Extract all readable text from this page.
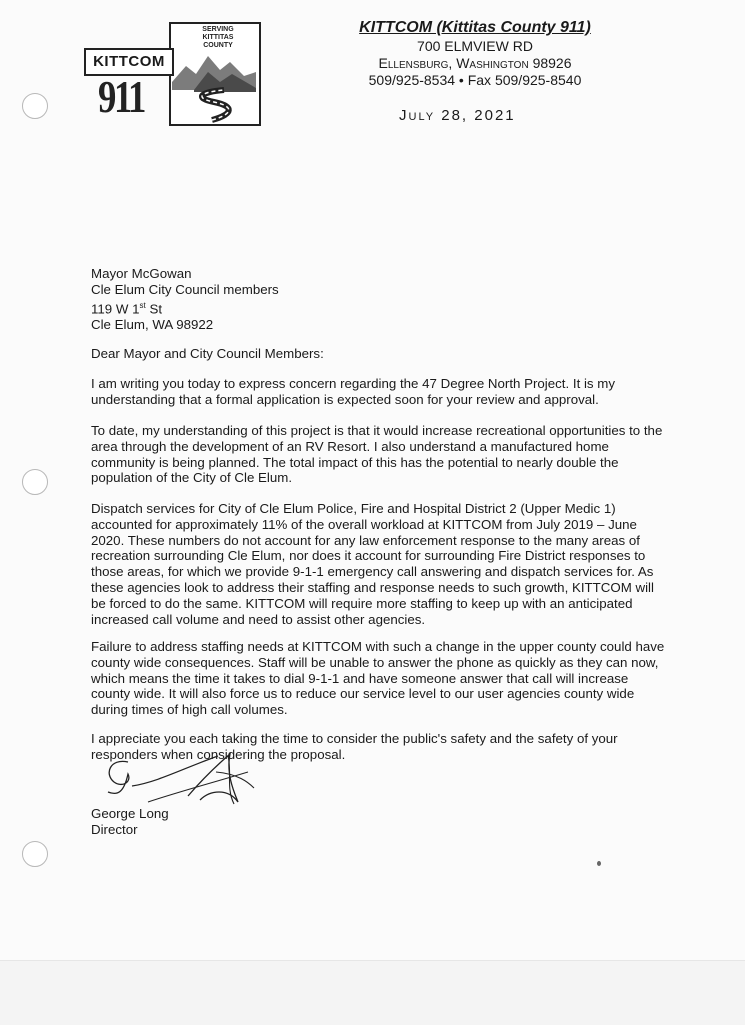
SERVING KITTITAS COUNTY
KITTCOM
911
KITTCOM (Kittitas County 911)
700 ELMVIEW RD
Ellensburg, Washington 98926
509/925-8534 • Fax 509/925-8540
July 28, 2021
Mayor McGowan
Cle Elum City Council members
119 W 1st St
Cle Elum, WA 98922
Dear Mayor and City Council Members:
I am writing you today to express concern regarding the 47 Degree North Project. It is my understanding that a formal application is expected soon for your review and approval.
To date, my understanding of this project is that it would increase recreational opportunities to the area through the development of an RV Resort. I also understand a manufactured home community is being planned. The total impact of this has the potential to nearly double the population of the City of Cle Elum.
Dispatch services for City of Cle Elum Police, Fire and Hospital District 2 (Upper Medic 1) accounted for approximately 11% of the overall workload at KITTCOM from July 2019 – June 2020. These numbers do not account for any law enforcement response to the many areas of recreation surrounding Cle Elum, nor does it account for surrounding Fire District responses to those areas, for which we provide 9-1-1 emergency call answering and dispatch services for. As these agencies look to address their staffing and response needs to such growth, KITTCOM will be forced to do the same. KITTCOM will require more staffing to keep up with an anticipated increased call volume and need to assist other agencies.
Failure to address staffing needs at KITTCOM with such a change in the upper county could have county wide consequences. Staff will be unable to answer the phone as quickly as they can now, which means the time it takes to dial 9-1-1 and have someone answer that call will increase county wide. It will also force us to reduce our service level to our user agencies county wide during times of high call volumes.
I appreciate you each taking the time to consider the public's safety and the safety of your responders when considering the proposal.
George Long
Director
